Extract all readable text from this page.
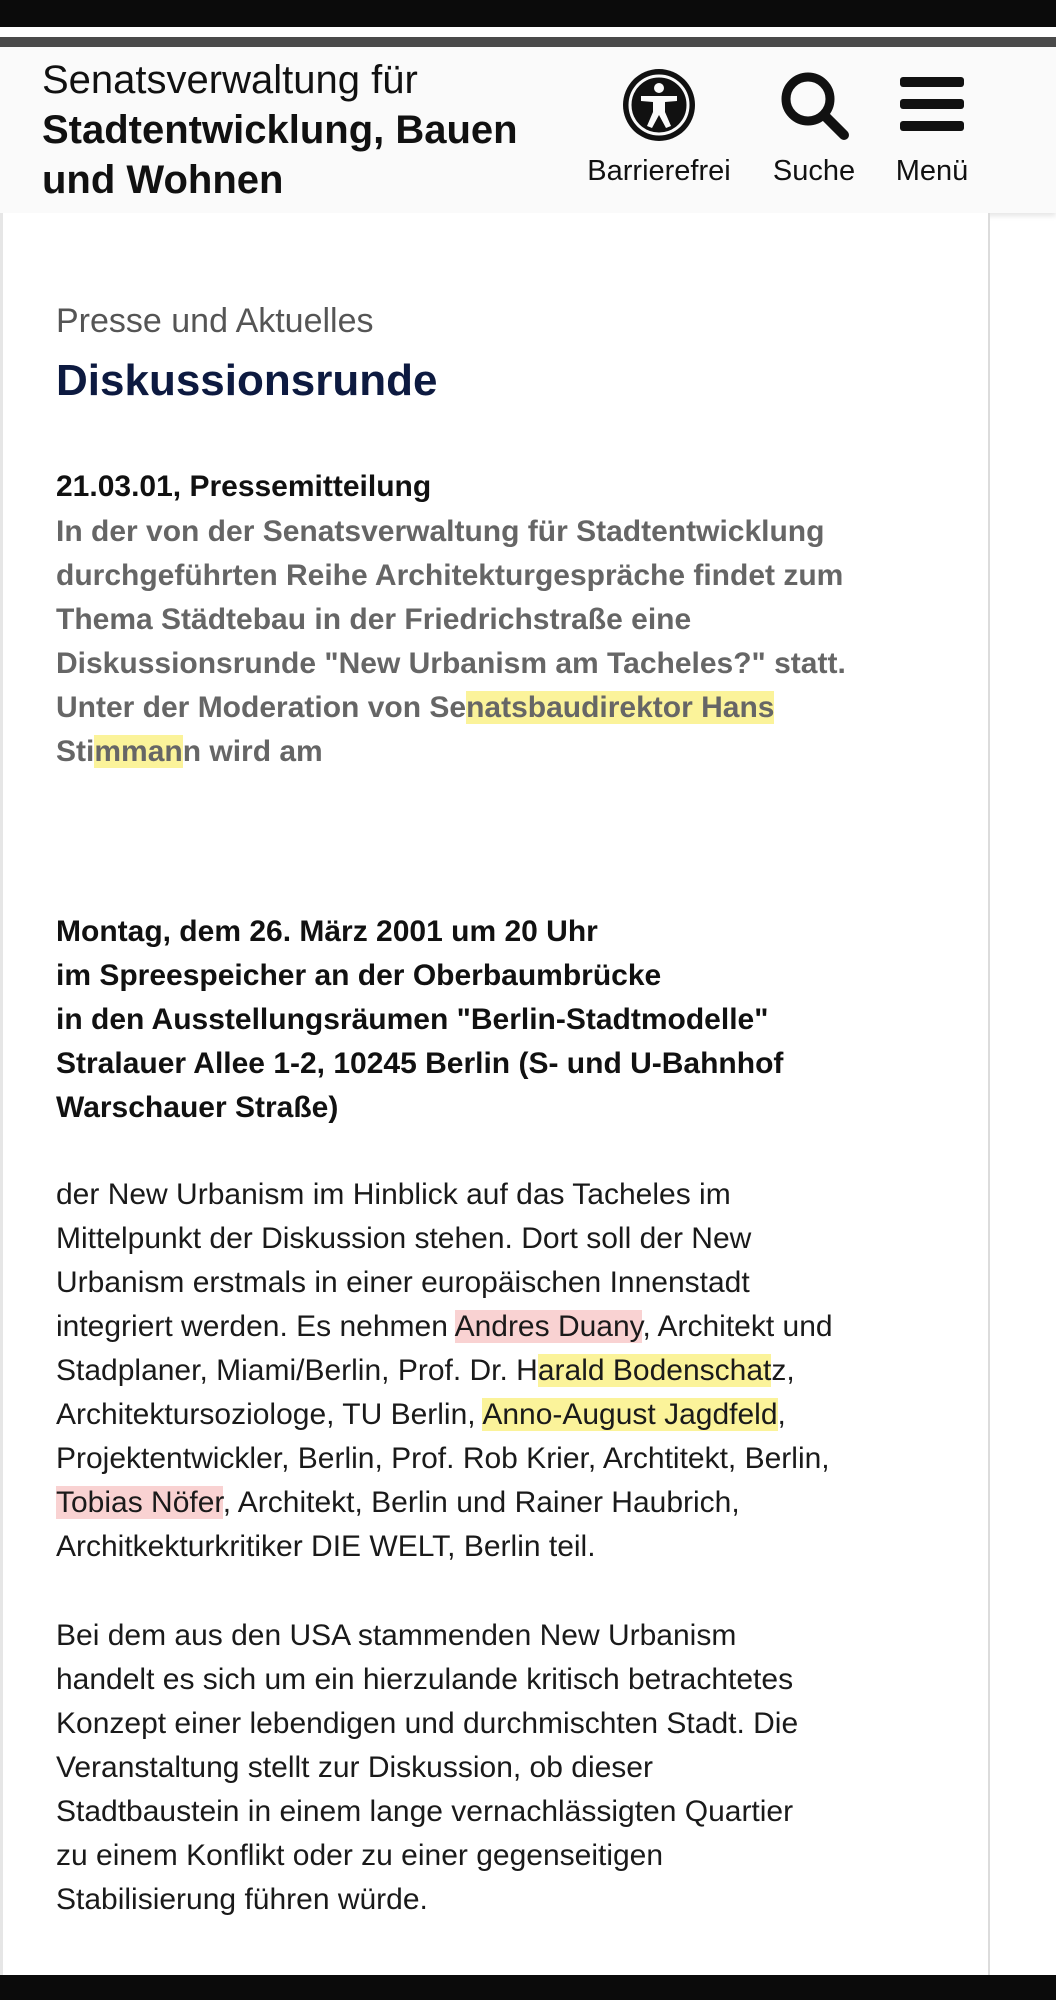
Senatsverwaltung für
Stadtentwicklung, Bauen
und Wohnen	Barrierefrei	Suche	Menü
Presse und Aktuelles
Diskussionsrunde
21.03.01, Pressemitteilung
In der von der Senatsverwaltung für Stadtentwicklung
durchgeführten Reihe Architekturgespräche findet zum
Thema Städtebau in der Friedrichstraße eine
Diskussionsrunde "New Urbanism am Tacheles?" statt.
Unter der Moderation von Senatsbaudirektor Hans
Stimmann wird am
Montag, dem 26. März 2001 um 20 Uhr
im Spreespeicher an der Oberbaumbrücke
in den Ausstellungsräumen "Berlin-Stadtmodelle"
Stralauer Allee 1-2, 10245 Berlin (S- und U-Bahnhof
Warschauer Straße)
der New Urbanism im Hinblick auf das Tacheles im
Mittelpunkt der Diskussion stehen. Dort soll der New
Urbanism erstmals in einer europäischen Innenstadt
integriert werden. Es nehmen Andres Duany, Architekt und
Stadplaner, Miami/Berlin, Prof. Dr. Harald Bodenschatz,
Architektursoziologe, TU Berlin, Anno-August Jagdfeld,
Projektentwickler, Berlin, Prof. Rob Krier, Archtitekt, Berlin,
Tobias Nöfer, Architekt, Berlin und Rainer Haubrich,
Architkekturkritiker DIE WELT, Berlin teil.
Bei dem aus den USA stammenden New Urbanism
handelt es sich um ein hierzulande kritisch betrachtetes
Konzept einer lebendigen und durchmischten Stadt. Die
Veranstaltung stellt zur Diskussion, ob dieser
Stadtbaustein in einem lange vernachlässigten Quartier
zu einem Konflikt oder zu einer gegenseitigen
Stabilisierung führen würde.
